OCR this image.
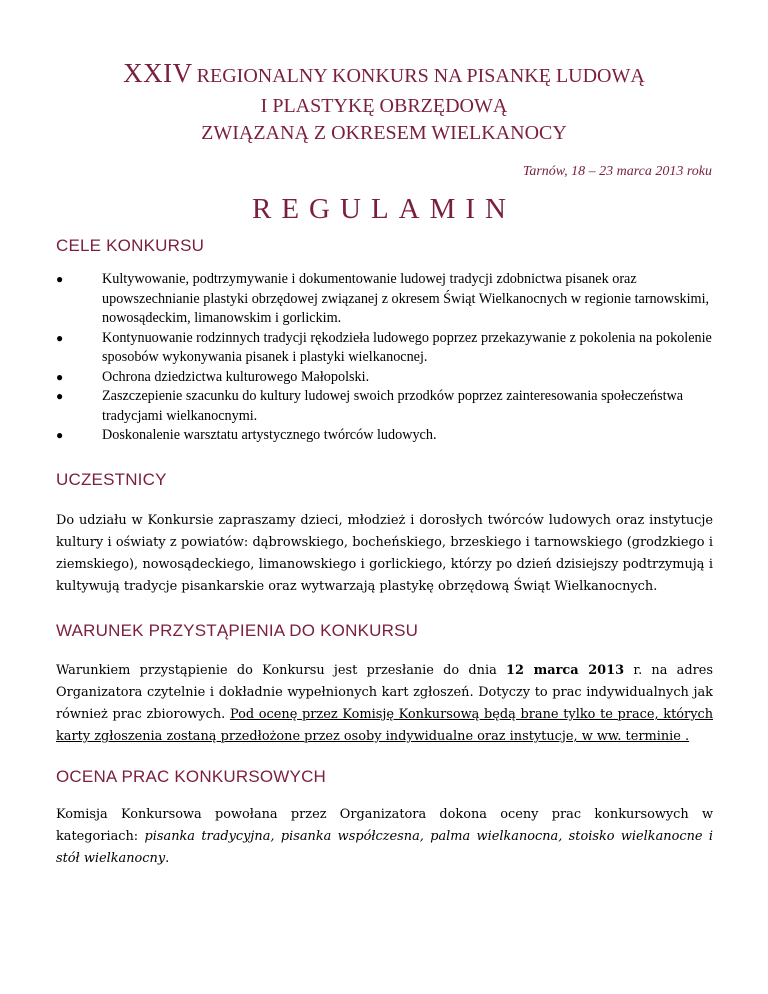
XXIV REGIONALNY KONKURS NA PISANKĘ LUDOWĄ
I PLASTYKĘ OBRZĘDOWĄ
ZWIĄZANĄ Z OKRESEM WIELKANOCY
Tarnów, 18 – 23 marca 2013 roku
REGULAMIN
CELE KONKURSU
●	Kultywowanie, podtrzymywanie i dokumentowanie ludowej tradycji zdobnictwa pisanek oraz upowszechnianie plastyki obrzędowej związanej z okresem Świąt Wielkanocnych w regionie tarnowskimi, nowosądeckim, limanowskim i gorlickim.
●	Kontynuowanie rodzinnych tradycji rękodzieła ludowego poprzez przekazywanie z pokolenia na pokolenie sposobów wykonywania pisanek i plastyki wielkanocnej.
●	Ochrona dziedzictwa kulturowego Małopolski.
●	Zaszczepienie szacunku do kultury ludowej swoich przodków poprzez zainteresowania społeczeństwa tradycjami wielkanocnymi.
●	Doskonalenie warsztatu artystycznego twórców ludowych.
UCZESTNICY
Do udziału w Konkursie zapraszamy dzieci, młodzież i dorosłych twórców ludowych oraz instytucje kultury i oświaty z powiatów: dąbrowskiego, bocheńskiego, brzeskiego i tarnowskiego (grodzkiego i ziemskiego), nowosądeckiego, limanowskiego i gorlickiego, którzy po dzień dzisiejszy podtrzymują i kultywują tradycje pisankarskie oraz wytwarzają plastykę obrzędową Świąt Wielkanocnych.
WARUNEK PRZYSTĄPIENIA DO KONKURSU
Warunkiem przystąpienie do Konkursu jest przesłanie do dnia 12 marca 2013 r. na adres Organizatora czytelnie i dokładnie wypełnionych kart zgłoszeń. Dotyczy to prac indywidualnych jak również prac zbiorowych. Pod ocenę przez Komisję Konkursową będą brane tylko te prace, których karty zgłoszenia zostaną przedłożone przez osoby indywidualne oraz instytucje, w ww. terminie .
OCENA PRAC KONKURSOWYCH
Komisja Konkursowa powołana przez Organizatora dokona oceny prac konkursowych w kategoriach: pisanka tradycyjna, pisanka współczesna, palma wielkanocna, stoisko wielkanocne i stół wielkanocny.
